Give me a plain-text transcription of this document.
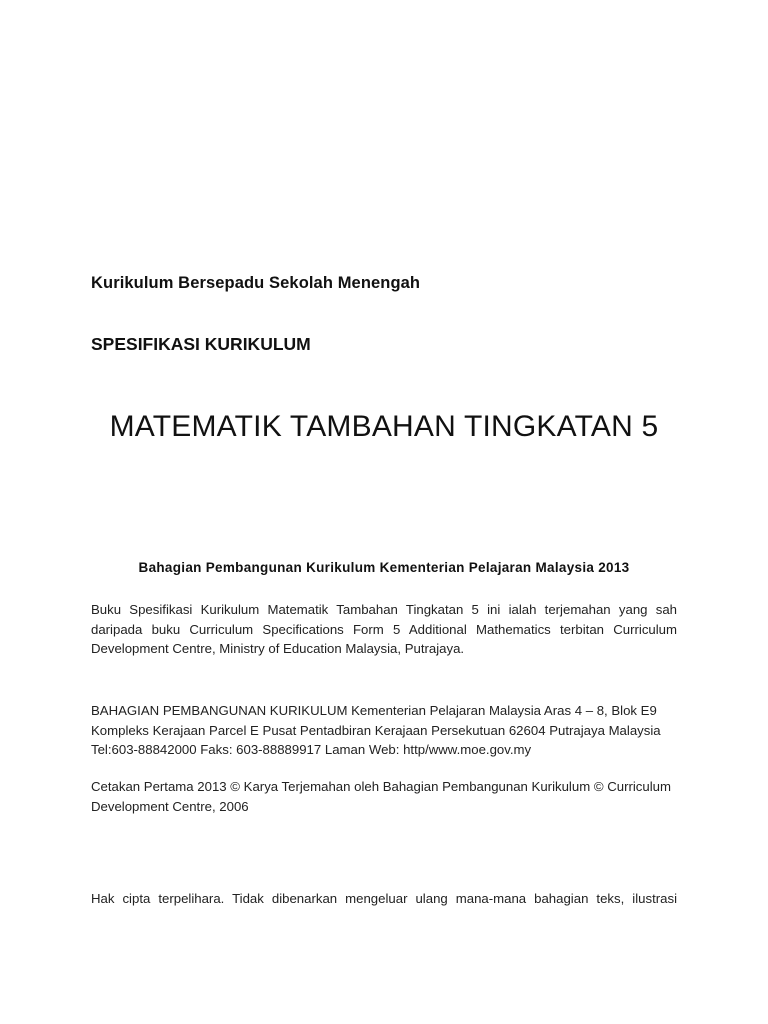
Kurikulum Bersepadu Sekolah Menengah
SPESIFIKASI KURIKULUM
MATEMATIK TAMBAHAN TINGKATAN 5
Bahagian Pembangunan Kurikulum Kementerian Pelajaran Malaysia 2013

Buku Spesifikasi Kurikulum Matematik Tambahan Tingkatan 5 ini ialah terjemahan yang sah daripada buku Curriculum Specifications Form 5 Additional Mathematics terbitan Curriculum Development Centre, Ministry of Education Malaysia, Putrajaya.

BAHAGIAN PEMBANGUNAN KURIKULUM Kementerian Pelajaran Malaysia Aras 4 – 8, Blok E9 Kompleks Kerajaan Parcel E Pusat Pentadbiran Kerajaan Persekutuan 62604 Putrajaya Malaysia Tel:603-88842000 Faks: 603-88889917 Laman Web: http/www.moe.gov.my

Cetakan Pertama 2013 © Karya Terjemahan oleh Bahagian Pembangunan Kurikulum © Curriculum Development Centre, 2006

Hak cipta terpelihara. Tidak dibenarkan mengeluar ulang mana-mana bahagian teks, ilustrasi
